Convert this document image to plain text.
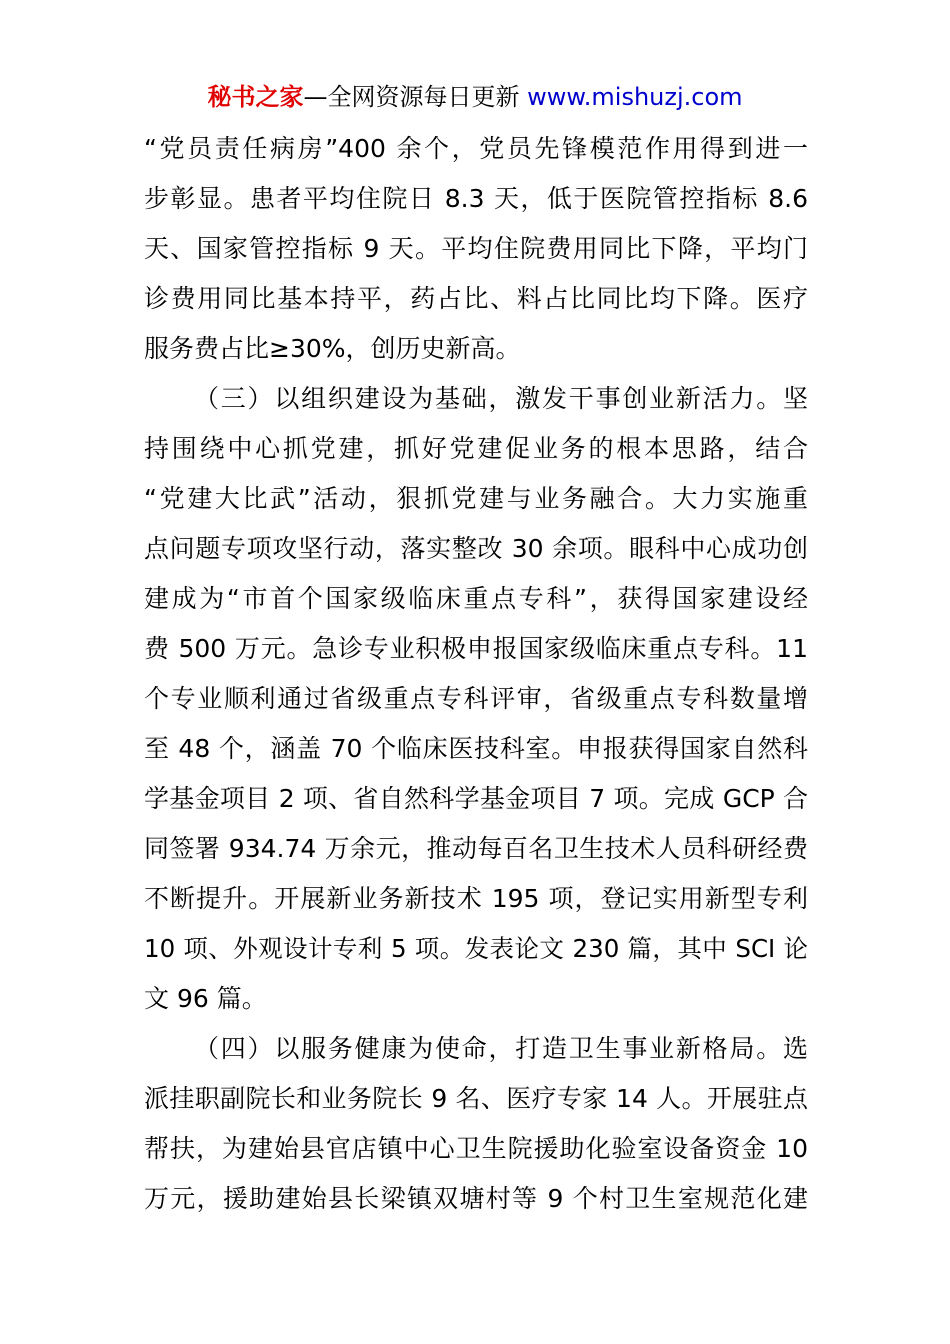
秘书之家—全网资源每日更新 www.mishuzj.com
“党员责任病房”400 余个，党员先锋模范作用得到进一
步彰显。患者平均住院日 8.3 天，低于医院管控指标 8.6
天、国家管控指标 9 天。平均住院费用同比下降，平均门
诊费用同比基本持平，药占比、料占比同比均下降。医疗
服务费占比≥30%，创历史新高。
（三）以组织建设为基础，激发干事创业新活力。坚
持围绕中心抓党建，抓好党建促业务的根本思路，结合
“党建大比武”活动，狠抓党建与业务融合。大力实施重
点问题专项攻坚行动，落实整改 30 余项。眼科中心成功创
建成为“市首个国家级临床重点专科”，获得国家建设经
费 500 万元。急诊专业积极申报国家级临床重点专科。11
个专业顺利通过省级重点专科评审，省级重点专科数量增
至 48 个，涵盖 70 个临床医技科室。申报获得国家自然科
学基金项目 2 项、省自然科学基金项目 7 项。完成 GCP 合
同签署 934.74 万余元，推动每百名卫生技术人员科研经费
不断提升。开展新业务新技术 195 项，登记实用新型专利
10 项、外观设计专利 5 项。发表论文 230 篇，其中 SCI 论
文 96 篇。
（四）以服务健康为使命，打造卫生事业新格局。选
派挂职副院长和业务院长 9 名、医疗专家 14 人。开展驻点
帮扶，为建始县官店镇中心卫生院援助化验室设备资金 10
万元，援助建始县长梁镇双塘村等 9 个村卫生室规范化建
